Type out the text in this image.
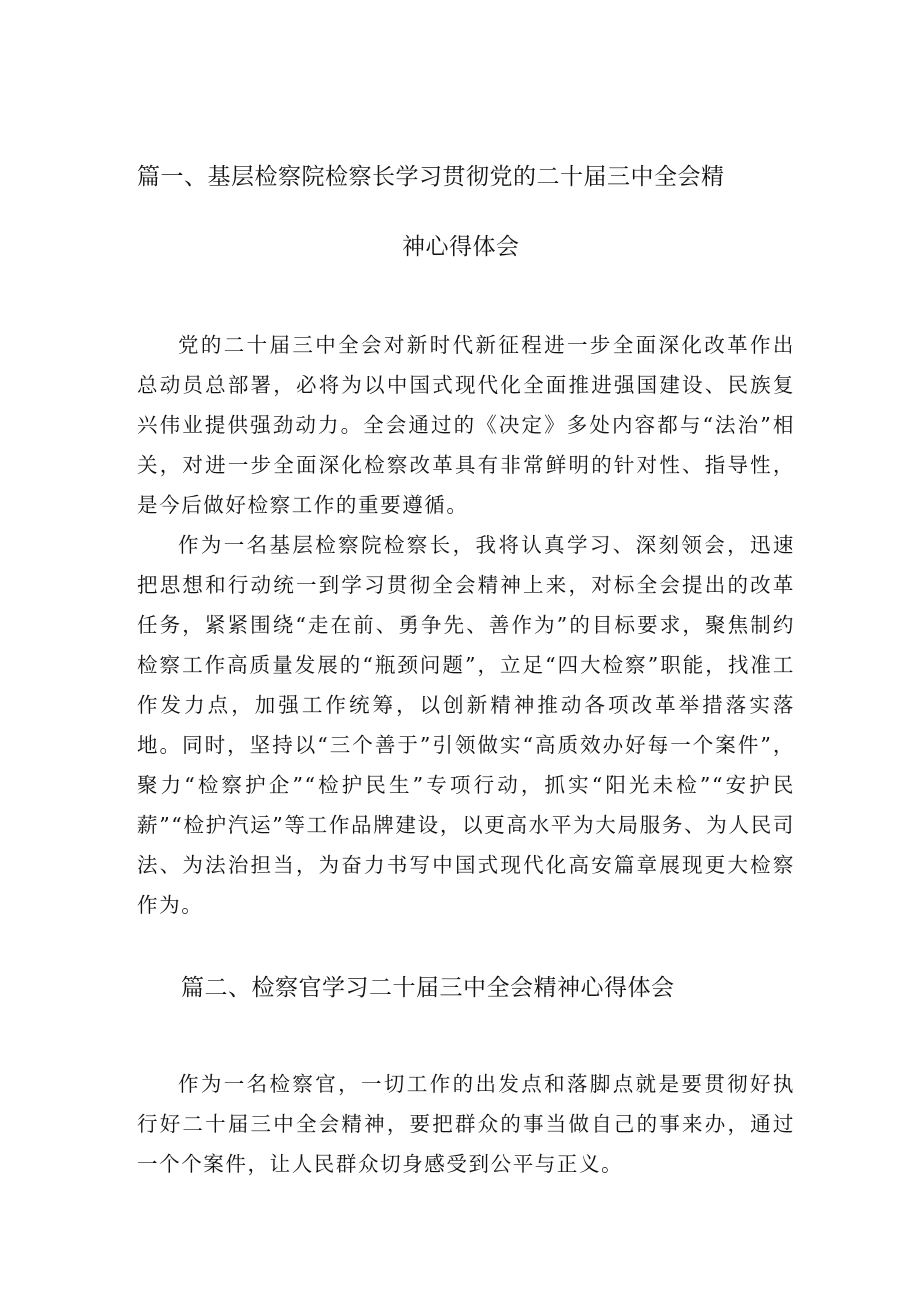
篇一、基层检察院检察长学习贯彻党的二十届三中全会精
神心得体会

党的二十届三中全会对新时代新征程进一步全面深化改革作出总动员总部署，必将为以中国式现代化全面推进强国建设、民族复兴伟业提供强劲动力。全会通过的《决定》多处内容都与“法治”相关，对进一步全面深化检察改革具有非常鲜明的针对性、指导性，是今后做好检察工作的重要遵循。

作为一名基层检察院检察长，我将认真学习、深刻领会，迅速把思想和行动统一到学习贯彻全会精神上来，对标全会提出的改革任务，紧紧围绕“走在前、勇争先、善作为”的目标要求，聚焦制约检察工作高质量发展的“瓶颈问题”，立足“四大检察”职能，找准工作发力点，加强工作统筹，以创新精神推动各项改革举措落实落地。同时，坚持以“三个善于”引领做实“高质效办好每一个案件”，聚力“检察护企”“检护民生”专项行动，抓实“阳光未检”“安护民薪”“检护汽运”等工作品牌建设，以更高水平为大局服务、为人民司法、为法治担当，为奋力书写中国式现代化高安篇章展现更大检察作为。

篇二、检察官学习二十届三中全会精神心得体会

作为一名检察官，一切工作的出发点和落脚点就是要贯彻好执行好二十届三中全会精神，要把群众的事当做自己的事来办，通过一个个案件，让人民群众切身感受到公平与正义。
